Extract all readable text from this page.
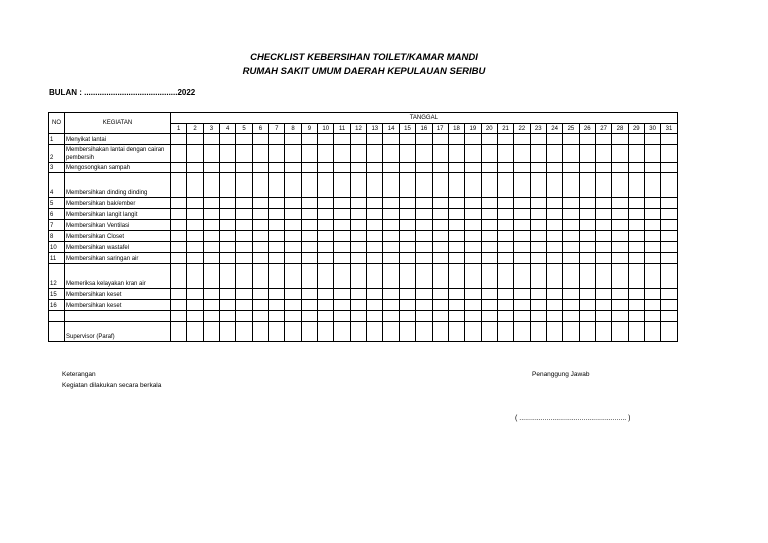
CHECKLIST KEBERSIHAN TOILET/KAMAR MANDI
RUMAH SAKIT UMUM DAERAH KEPULAUAN SERIBU
BULAN : ..........................................2022
NO	KEGIATAN	TANGGAL																														
		1	2	3	4	5	6	7	8	9	10	11	12	13	14	15	16	17	18	19	20	21	22	23	24	25	26	27	28	29	30	31
1	Menyikat lantai																															
2	Membersihakan lantai dengan cairan pembersih																															
3	Mengosongkan sampah																															
4	Membersihkan dinding dinding																															
5	Membersihkan bak/ember																															
6	Membersihkan langit langit																															
7	Membersihkan Ventilasi																															
8	Membersihkan Closet																															
10	Membersihkan wastafel																															
11	Membersihkan saringan air																															
12	Memeriksa kelayakan kran air																															
15	Membersihkan keset																															
16	Membersihkan keset																															

	Supervisor (Paraf)																															
Keterangan
Kegiatan dilakukan secara berkala
Penanggung Jawab
( ....................................................... )
